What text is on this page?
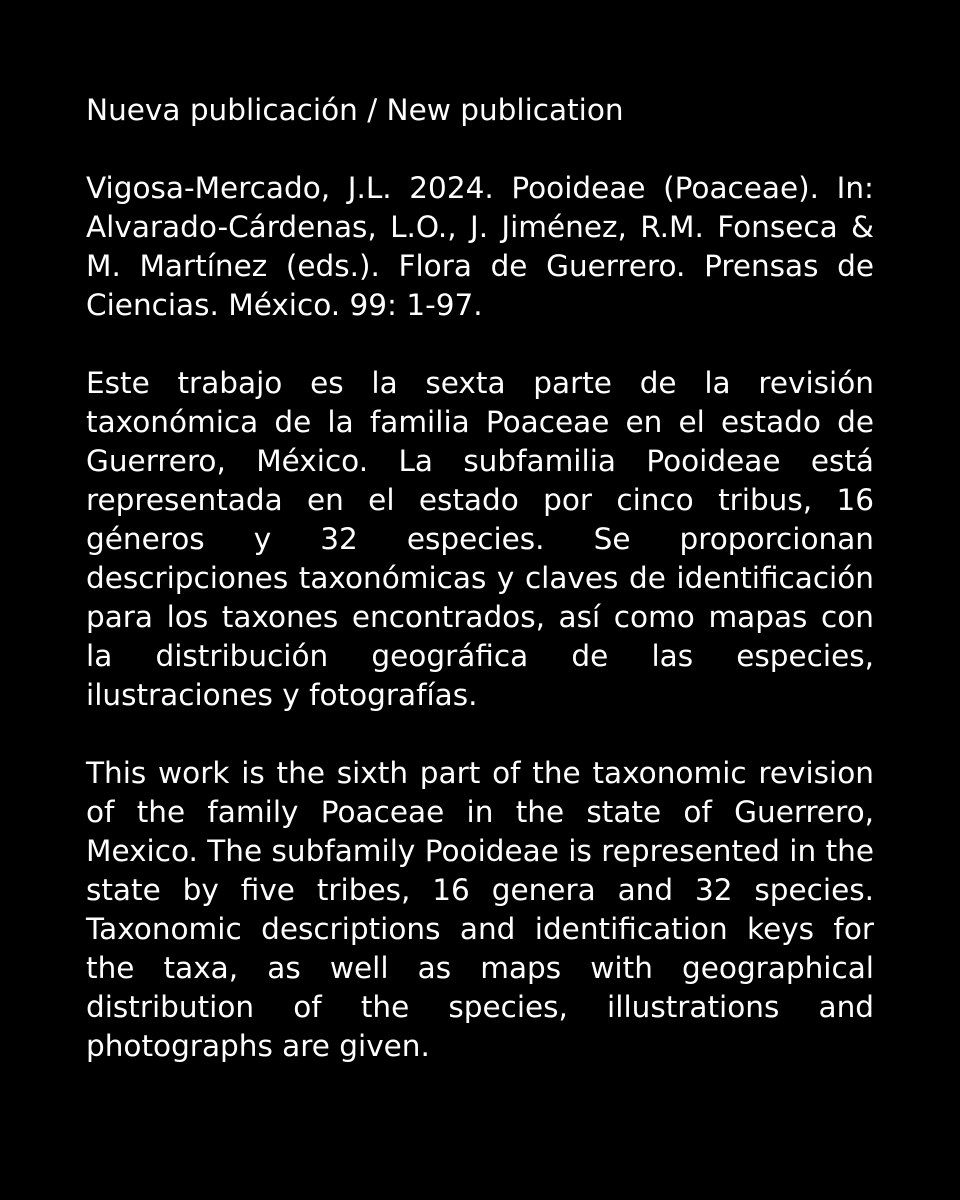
Nueva publicación / New publication

Vigosa-Mercado, J.L. 2024. Pooideae (Poaceae). In: Alvarado-Cárdenas, L.O., J. Jiménez, R.M. Fonseca & M. Martínez (eds.). Flora de Guerrero. Prensas de Ciencias. México. 99: 1-97.

Este trabajo es la sexta parte de la revisión taxonómica de la familia Poaceae en el estado de Guerrero, México. La subfamilia Pooideae está representada en el estado por cinco tribus, 16 géneros y 32 especies. Se proporcionan descripciones taxonómicas y claves de identificación para los taxones encontrados, así como mapas con la distribución geográfica de las especies, ilustraciones y fotografías.

This work is the sixth part of the taxonomic revision of the family Poaceae in the state of Guerrero, Mexico. The subfamily Pooideae is represented in the state by five tribes, 16 genera and 32 species. Taxonomic descriptions and identification keys for the taxa, as well as maps with geographical distribution of the species, illustrations and photographs are given.
